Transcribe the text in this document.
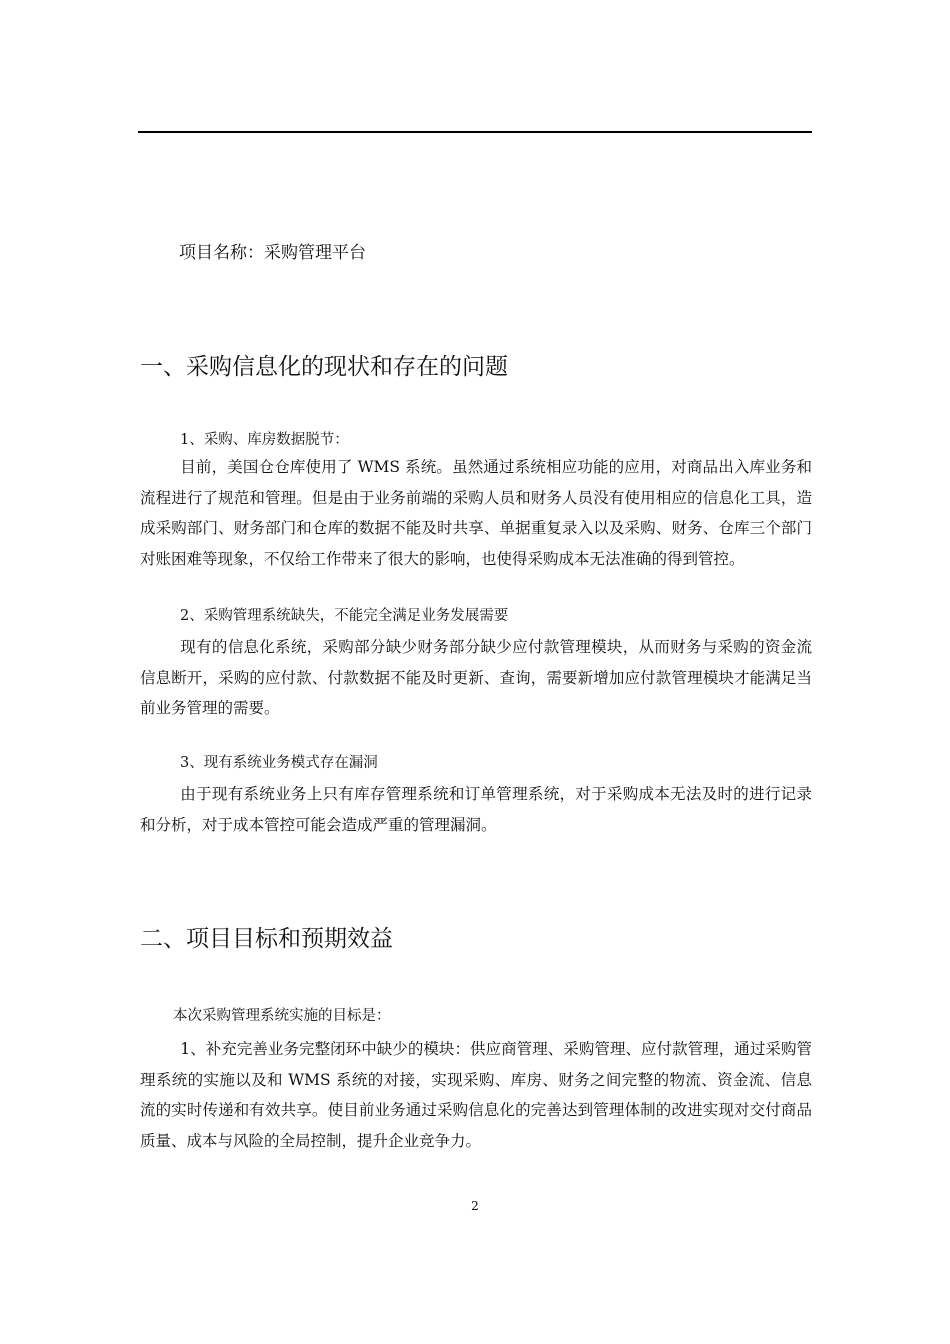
项目名称：采购管理平台
一、采购信息化的现状和存在的问题
1、采购、库房数据脱节：

目前，美国仓仓库使用了 WMS 系统。虽然通过系统相应功能的应用，对商品出入库业务和流程进行了规范和管理。但是由于业务前端的采购人员和财务人员没有使用相应的信息化工具，造成采购部门、财务部门和仓库的数据不能及时共享、单据重复录入以及采购、财务、仓库三个部门对账困难等现象，不仅给工作带来了很大的影响，也使得采购成本无法准确的得到管控。

2、采购管理系统缺失，不能完全满足业务发展需要

现有的信息化系统，采购部分缺少财务部分缺少应付款管理模块，从而财务与采购的资金流信息断开，采购的应付款、付款数据不能及时更新、查询，需要新增加应付款管理模块才能满足当前业务管理的需要。

3、现有系统业务模式存在漏洞

由于现有系统业务上只有库存管理系统和订单管理系统，对于采购成本无法及时的进行记录和分析，对于成本管控可能会造成严重的管理漏洞。

二、项目目标和预期效益
本次采购管理系统实施的目标是：

1、补充完善业务完整闭环中缺少的模块：供应商管理、采购管理、应付款管理，通过采购管理系统的实施以及和 WMS 系统的对接，实现采购、库房、财务之间完整的物流、资金流、信息流的实时传递和有效共享。使目前业务通过采购信息化的完善达到管理体制的改进实现对交付商品质量、成本与风险的全局控制，提升企业竞争力。

2
